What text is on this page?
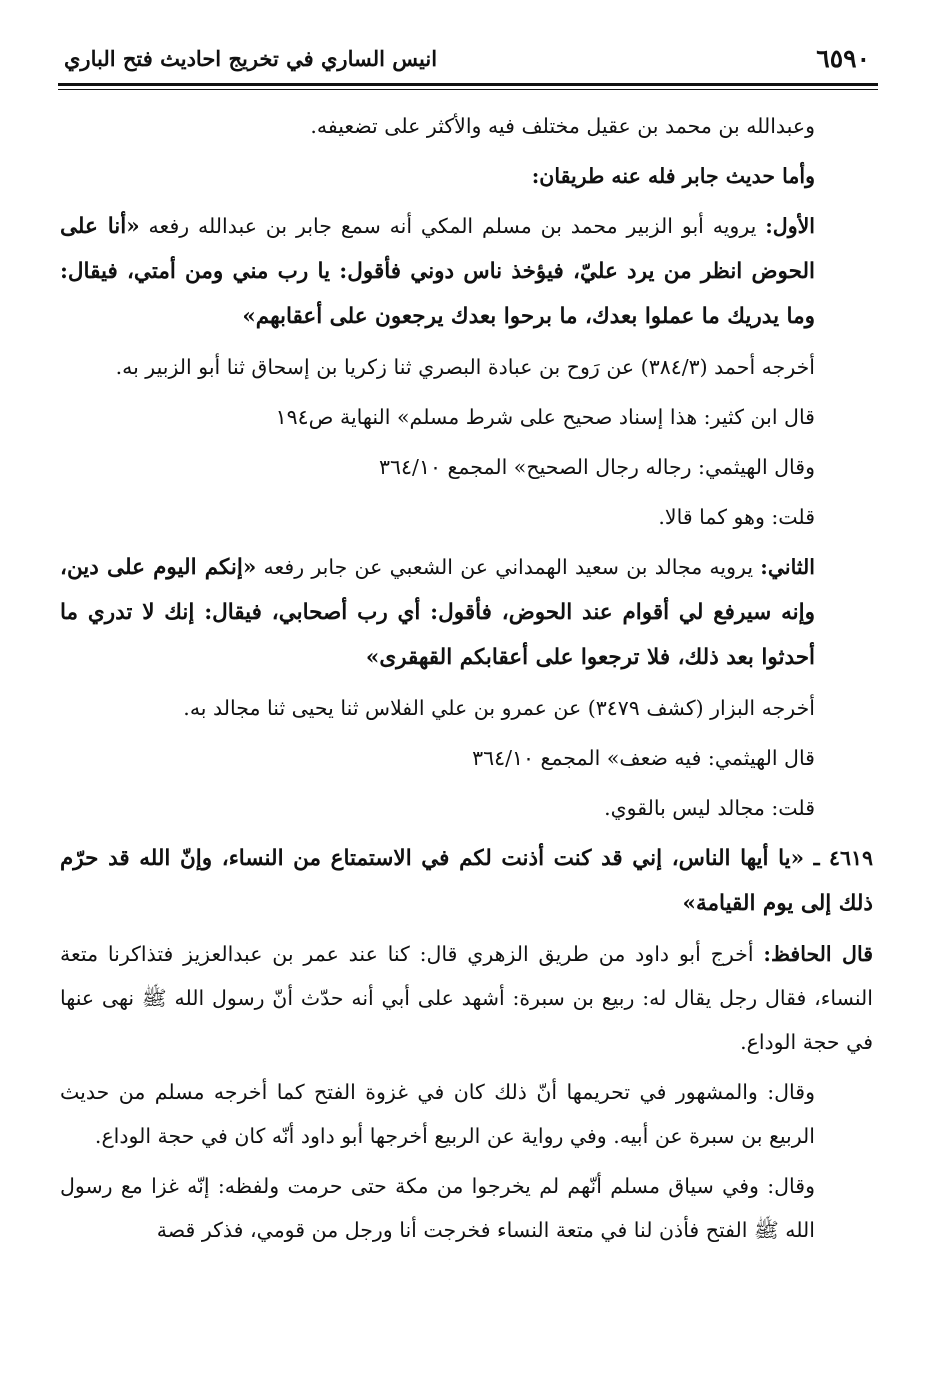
٦٥٩٠
انيس الساري في تخريج احاديث فتح الباري

وعبدالله بن محمد بن عقيل مختلف فيه والأكثر على تضعيفه.

وأما حديث جابر فله عنه طريقان:

الأول: يرويه أبو الزبير محمد بن مسلم المكي أنه سمع جابر بن عبدالله رفعه «أنا على الحوض انظر من يرد عليّ، فيؤخذ ناس دوني فأقول: يا رب مني ومن أمتي، فيقال: وما يدريك ما عملوا بعدك، ما برحوا بعدك يرجعون على أعقابهم»

أخرجه أحمد (٣٨٤/٣) عن رَوح بن عبادة البصري ثنا زكريا بن إسحاق ثنا أبو الزبير به.

قال ابن كثير: هذا إسناد صحيح على شرط مسلم» النهاية ص١٩٤

وقال الهيثمي: رجاله رجال الصحيح» المجمع ٣٦٤/١٠

قلت: وهو كما قالا.

الثاني: يرويه مجالد بن سعيد الهمداني عن الشعبي عن جابر رفعه «إنكم اليوم على دين، وإنه سيرفع لي أقوام عند الحوض، فأقول: أي رب أصحابي، فيقال: إنك لا تدري ما أحدثوا بعد ذلك، فلا ترجعوا على أعقابكم القهقرى»

أخرجه البزار (كشف ٣٤٧٩) عن عمرو بن علي الفلاس ثنا يحيى ثنا مجالد به.

قال الهيثمي: فيه ضعف» المجمع ٣٦٤/١٠

قلت: مجالد ليس بالقوي.

٤٦١٩ ـ «يا أيها الناس، إني قد كنت أذنت لكم في الاستمتاع من النساء، وإنّ الله قد حرّم ذلك إلى يوم القيامة»

قال الحافظ: أخرج أبو داود من طريق الزهري قال: كنا عند عمر بن عبدالعزيز فتذاكرنا متعة النساء، فقال رجل يقال له: ربيع بن سبرة: أشهد على أبي أنه حدّث أنّ رسول الله ﷺ نهى عنها في حجة الوداع.

وقال: والمشهور في تحريمها أنّ ذلك كان في غزوة الفتح كما أخرجه مسلم من حديث الربيع بن سبرة عن أبيه. وفي رواية عن الربيع أخرجها أبو داود أنّه كان في حجة الوداع.

وقال: وفي سياق مسلم أنّهم لم يخرجوا من مكة حتى حرمت ولفظه: إنّه غزا مع رسول الله ﷺ الفتح فأذن لنا في متعة النساء فخرجت أنا ورجل من قومي، فذكر قصة
